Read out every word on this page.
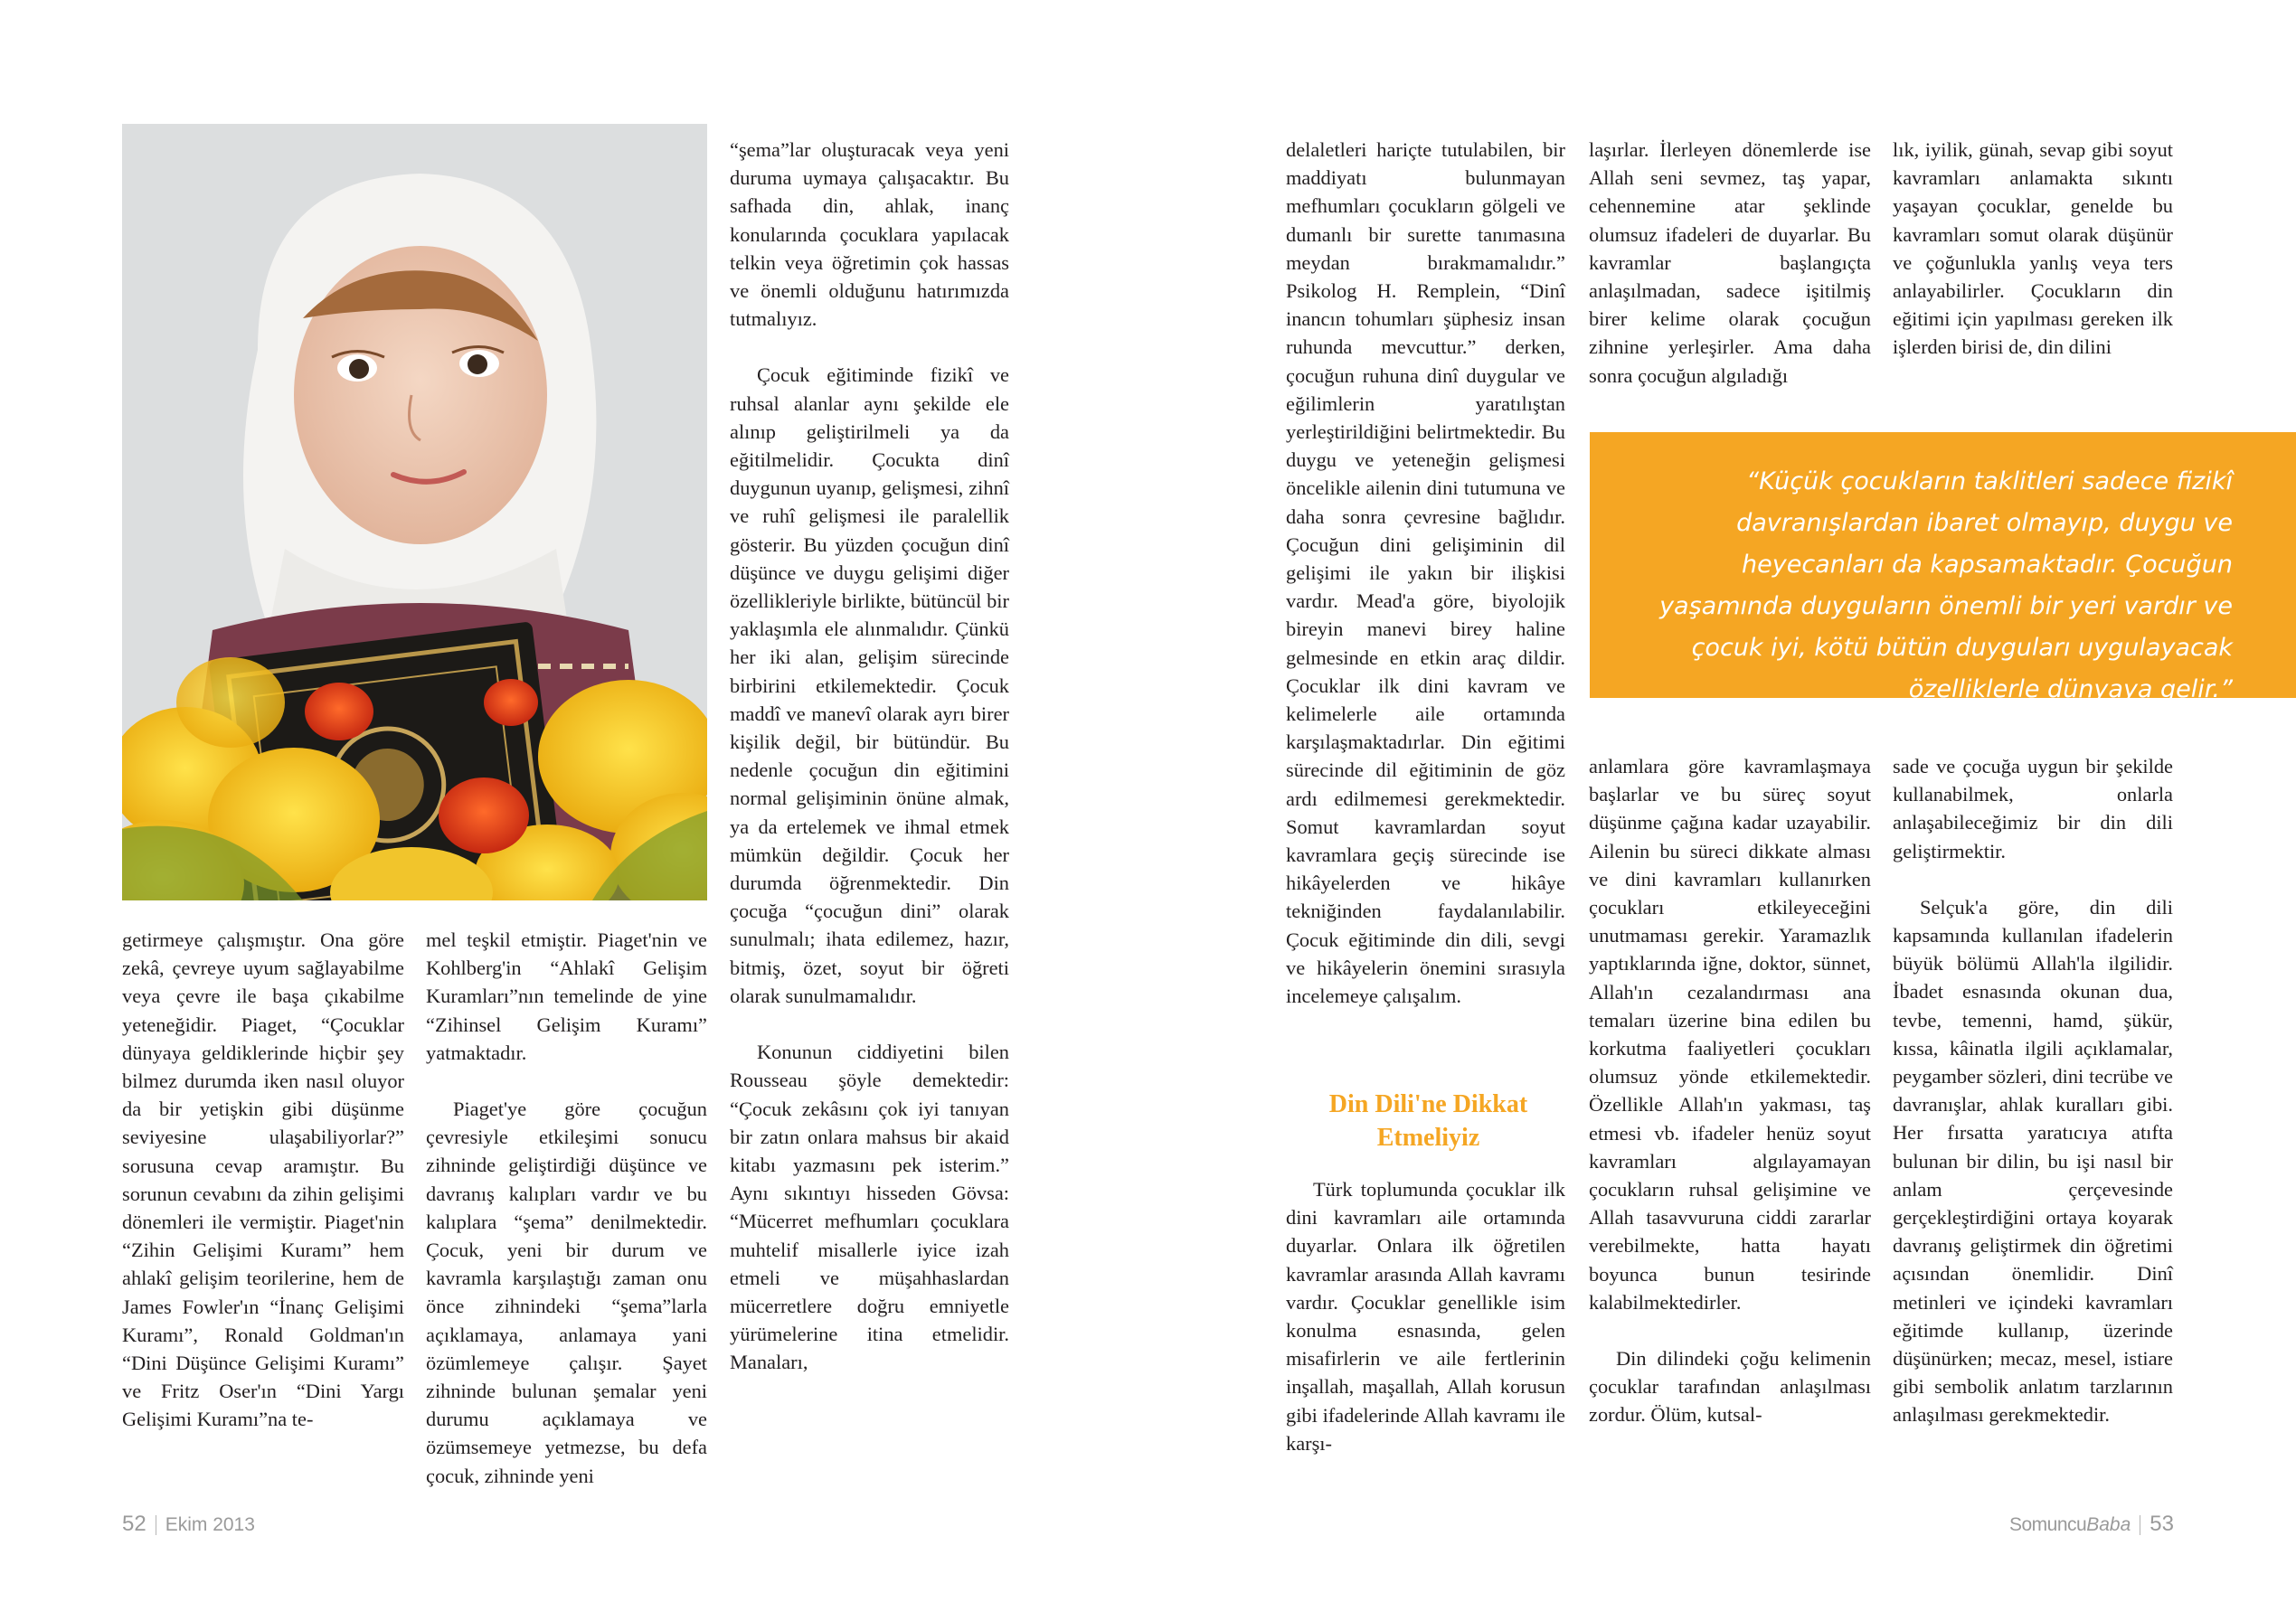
getirmeye çalışmıştır. Ona göre zekâ, çevreye uyum sağlayabilme veya çevre ile başa çıkabilme yeteneğidir. Piaget, “Çocuklar dünyaya geldiklerinde hiçbir şey bilmez durumda iken nasıl oluyor da bir yetişkin gibi düşünme seviyesine ulaşabiliyorlar?” sorusuna cevap aramıştır. Bu sorunun cevabını da zihin gelişimi dönemleri ile vermiştir. Piaget'nin “Zihin Gelişimi Kuramı” hem ahlakî gelişim teorilerine, hem de James Fowler'ın “İnanç Gelişimi Kuramı”, Ronald Goldman'ın “Dini Düşünce Gelişimi Kuramı” ve Fritz Oser'ın “Dini Yargı Gelişimi Kuramı”na te-

mel teşkil etmiştir. Piaget'nin ve Kohlberg'in “Ahlakî Gelişim Kuramları”nın temelinde de yine “Zihinsel Gelişim Kuramı” yatmaktadır.

Piaget'ye göre çocuğun çevresiyle etkileşimi sonucu zihninde geliştirdiği düşünce ve davranış kalıpları vardır ve bu kalıplara “şema” denilmektedir. Çocuk, yeni bir durum ve kavramla karşılaştığı zaman onu önce zihnindeki “şema”larla açıklamaya, anlamaya yani özümlemeye çalışır. Şayet zihninde bulunan şemalar yeni durumu açıklamaya ve özümsemeye yetmezse, bu defa çocuk, zihninde yeni

“şema”lar oluşturacak veya yeni duruma uymaya çalışacaktır. Bu safhada din, ahlak, inanç konularında çocuklara yapılacak telkin veya öğretimin çok hassas ve önemli olduğunu hatırımızda tutmalıyız.

Çocuk eğitiminde fizikî ve ruhsal alanlar aynı şekilde ele alınıp geliştirilmeli ya da eğitilmelidir. Çocukta dinî duygunun uyanıp, gelişmesi, zihnî ve ruhî gelişmesi ile paralellik gösterir. Bu yüzden çocuğun dinî düşünce ve duygu gelişimi diğer özellikleriyle birlikte, bütüncül bir yaklaşımla ele alınmalıdır. Çünkü her iki alan, gelişim sürecinde birbirini etkilemektedir. Çocuk maddî ve manevî olarak ayrı birer kişilik değil, bir bütündür. Bu nedenle çocuğun din eğitimini normal gelişiminin önüne almak, ya da ertelemek ve ihmal etmek mümkün değildir. Çocuk her durumda öğrenmektedir. Din çocuğa “çocuğun dini” olarak sunulmalı; ihata edilemez, hazır, bitmiş, özet, soyut bir öğreti olarak sunulmamalıdır.

Konunun ciddiyetini bilen Rousseau şöyle demektedir: “Çocuk zekâsını çok iyi tanıyan bir zatın onlara mahsus bir akaid kitabı yazmasını pek isterim.” Aynı sıkıntıyı hisseden Gövsa: “Mücerret mefhumları çocuklara muhtelif misallerle iyice izah etmeli ve müşahhaslardan mücerretlere doğru emniyetle yürümelerine itina etmelidir. Manaları,

52 Ekim 2013

delaletleri hariçte tutulabilen, bir maddiyatı bulunmayan mefhumları çocukların gölgeli ve dumanlı bir surette tanımasına meydan bırakmamalıdır.” Psikolog H. Remplein, “Dinî inancın tohumları şüphesiz insan ruhunda mevcuttur.” derken, çocuğun ruhuna dinî duygular ve eğilimlerin yaratılıştan yerleştirildiğini belirtmektedir. Bu duygu ve yeteneğin gelişmesi öncelikle ailenin dini tutumuna ve daha sonra çevresine bağlıdır. Çocuğun dini gelişiminin dil gelişimi ile yakın bir ilişkisi vardır. Mead'a göre, biyolojik bireyin manevi birey haline gelmesinde en etkin araç dildir. Çocuklar ilk dini kavram ve kelimelerle aile ortamında karşılaşmaktadırlar. Din eğitimi sürecinde dil eğitiminin de göz ardı edilmemesi gerekmektedir. Somut kavramlardan soyut kavramlara geçiş sürecinde ise hikâyelerden ve hikâye tekniğinden faydalanılabilir. Çocuk eğitiminde din dili, sevgi ve hikâyelerin önemini sırasıyla incelemeye çalışalım.

Din Dili'ne Dikkat Etmeliyiz

Türk toplumunda çocuklar ilk dini kavramları aile ortamında duyarlar. Onlara ilk öğretilen kavramlar arasında Allah kavramı vardır. Çocuklar genellikle isim konulma esnasında, gelen misafirlerin ve aile fertlerinin inşallah, maşallah, Allah korusun gibi ifadelerinde Allah kavramı ile karşı-

laşırlar. İlerleyen dönemlerde ise Allah seni sevmez, taş yapar, cehennemine atar şeklinde olumsuz ifadeleri de duyarlar. Bu kavramlar başlangıçta anlaşılmadan, sadece işitilmiş birer kelime olarak çocuğun zihnine yerleşirler. Ama daha sonra çocuğun algıladığı

lık, iyilik, günah, sevap gibi soyut kavramları anlamakta sıkıntı yaşayan çocuklar, genelde bu kavramları somut olarak düşünür ve çoğunlukla yanlış veya ters anlayabilirler. Çocukların din eğitimi için yapılması gereken ilk işlerden birisi de, din dilini

“Küçük çocukların taklitleri sadece fizikî davranışlardan ibaret olmayıp, duygu ve heyecanları da kapsamaktadır. Çocuğun yaşamında duyguların önemli bir yeri vardır ve çocuk iyi, kötü bütün duyguları uygulayacak özelliklerle dünyaya gelir.”

anlamlara göre kavramlaşmaya başlarlar ve bu süreç soyut düşünme çağına kadar uzayabilir. Ailenin bu süreci dikkate alması ve dini kavramları kullanırken çocukları etkileyeceğini unutmaması gerekir. Yaramazlık yaptıklarında iğne, doktor, sünnet, Allah'ın cezalandırması ana temaları üzerine bina edilen bu korkutma faaliyetleri çocukları olumsuz yönde etkilemektedir. Özellikle Allah'ın yakması, taş etmesi vb. ifadeler henüz soyut kavramları algılayamayan çocukların ruhsal gelişimine ve Allah tasavvuruna ciddi zararlar verebilmekte, hatta hayatı boyunca bunun tesirinde kalabilmektedirler.

Din dilindeki çoğu kelimenin çocuklar tarafından anlaşılması zordur. Ölüm, kutsal-

sade ve çocuğa uygun bir şekilde kullanabilmek, onlarla anlaşabileceğimiz bir din dili geliştirmektir.

Selçuk'a göre, din dili kapsamında kullanılan ifadelerin büyük bölümü Allah'la ilgilidir. İbadet esnasında okunan dua, tevbe, temenni, hamd, şükür, kıssa, kâinatla ilgili açıklamalar, peygamber sözleri, dini tecrübe ve davranışlar, ahlak kuralları gibi. Her fırsatta yaratıcıya atıfta bulunan bir dilin, bu işi nasıl bir anlam çerçevesinde gerçekleştirdiğini ortaya koyarak davranış geliştirmek din öğretimi açısından önemlidir. Dinî metinleri ve içindeki kavramları eğitimde kullanıp, üzerinde düşünürken; mecaz, mesel, istiare gibi sembolik anlatım tarzlarının anlaşılması gerekmektedir.

SomuncuBaba 53
